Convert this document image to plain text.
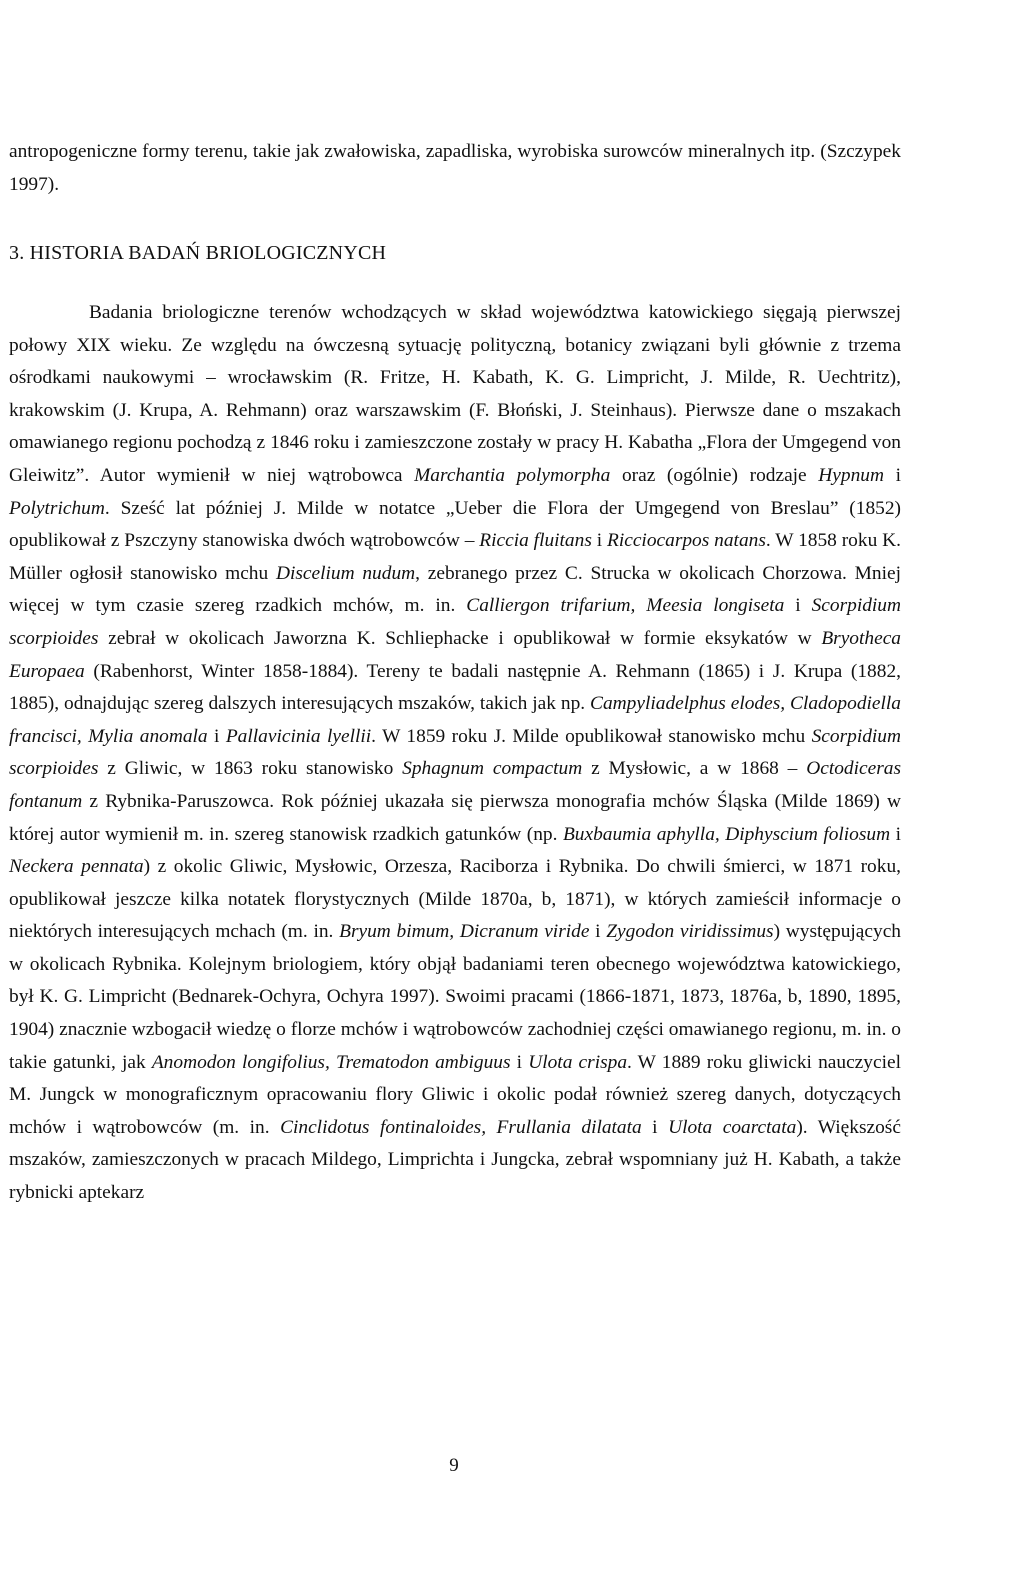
antropogeniczne formy terenu, takie jak zwałowiska, zapadliska, wyrobiska surowców mineralnych itp. (Szczypek 1997).

3. HISTORIA BADAŃ BRIOLOGICZNYCH

Badania briologiczne terenów wchodzących w skład województwa katowickiego sięgają pierwszej połowy XIX wieku. Ze względu na ówczesną sytuację polityczną, botanicy związani byli głównie z trzema ośrodkami naukowymi – wrocławskim (R. Fritze, H. Kabath, K. G. Limpricht, J. Milde, R. Uechtritz), krakowskim (J. Krupa, A. Rehmann) oraz warszawskim (F. Błoński, J. Steinhaus). Pierwsze dane o mszakach omawianego regionu pochodzą z 1846 roku i zamieszczone zostały w pracy H. Kabatha „Flora der Umgegend von Gleiwitz”. Autor wymienił w niej wątrobowca Marchantia polymorpha oraz (ogólnie) rodzaje Hypnum i Polytrichum. Sześć lat później J. Milde w notatce „Ueber die Flora der Umgegend von Breslau” (1852) opublikował z Pszczyny stanowiska dwóch wątrobowców – Riccia fluitans i Ricciocarpos natans. W 1858 roku K. Müller ogłosił stanowisko mchu Discelium nudum, zebranego przez C. Strucka w okolicach Chorzowa. Mniej więcej w tym czasie szereg rzadkich mchów, m. in. Calliergon trifarium, Meesia longiseta i Scorpidium scorpioides zebrał w okolicach Jaworzna K. Schliephacke i opublikował w formie eksykatów w Bryotheca Europaea (Rabenhorst, Winter 1858-1884). Tereny te badali następnie A. Rehmann (1865) i J. Krupa (1882, 1885), odnajdując szereg dalszych interesujących mszaków, takich jak np. Campyliadelphus elodes, Cladopodiella francisci, Mylia anomala i Pallavicinia lyellii. W 1859 roku J. Milde opublikował stanowisko mchu Scorpidium scorpioides z Gliwic, w 1863 roku stanowisko Sphagnum compactum z Mysłowic, a w 1868 – Octodiceras fontanum z Rybnika-Paruszowca. Rok później ukazała się pierwsza monografia mchów Śląska (Milde 1869) w której autor wymienił m. in. szereg stanowisk rzadkich gatunków (np. Buxbaumia aphylla, Diphyscium foliosum i Neckera pennata) z okolic Gliwic, Mysłowic, Orzesza, Raciborza i Rybnika. Do chwili śmierci, w 1871 roku, opublikował jeszcze kilka notatek florystycznych (Milde 1870a, b, 1871), w których zamieścił informacje o niektórych interesujących mchach (m. in. Bryum bimum, Dicranum viride i Zygodon viridissimus) występujących w okolicach Rybnika. Kolejnym briologiem, który objął badaniami teren obecnego województwa katowickiego, był K. G. Limpricht (Bednarek-Ochyra, Ochyra 1997). Swoimi pracami (1866-1871, 1873, 1876a, b, 1890, 1895, 1904) znacznie wzbogacił wiedzę o florze mchów i wątrobowców zachodniej części omawianego regionu, m. in. o takie gatunki, jak Anomodon longifolius, Trematodon ambiguus i Ulota crispa. W 1889 roku gliwicki nauczyciel M. Jungck w monograficznym opracowaniu flory Gliwic i okolic podał również szereg danych, dotyczących mchów i wątrobowców (m. in. Cinclidotus fontinaloides, Frullania dilatata i Ulota coarctata). Większość mszaków, zamieszczonych w pracach Mildego, Limprichta i Jungcka, zebrał wspomniany już H. Kabath, a także rybnicki aptekarz

9
